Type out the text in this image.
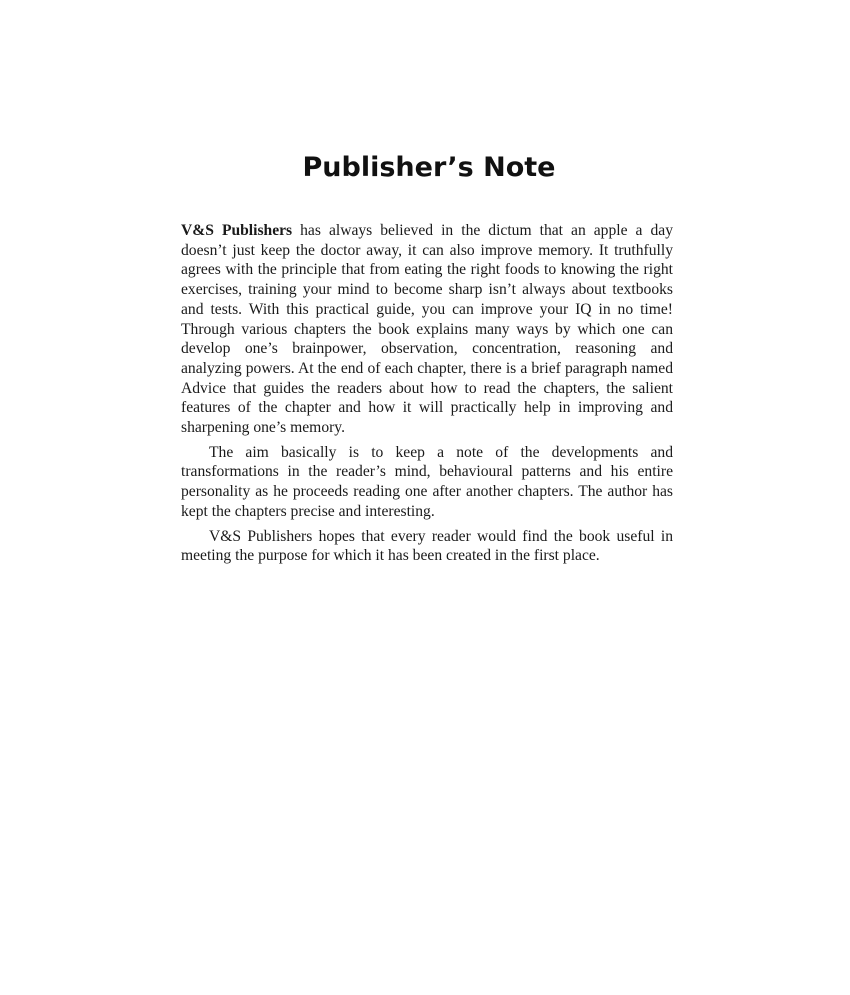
Publisher’s Note

V&S Publishers has always believed in the dictum that an apple a day doesn’t just keep the doctor away, it can also improve memory. It truthfully agrees with the principle that from eating the right foods to knowing the right exercises, training your mind to become sharp isn’t always about textbooks and tests. With this practical guide, you can improve your IQ in no time! Through various chapters the book explains many ways by which one can develop one’s brainpower, observation, concentration, reasoning and analyzing powers. At the end of each chapter, there is a brief paragraph named Advice that guides the readers about how to read the chapters, the salient features of the chapter and how it will practically help in improving and sharpening one’s memory.

The aim basically is to keep a note of the developments and transformations in the reader’s mind, behavioural patterns and his entire personality as he proceeds reading one after another chapters. The author has kept the chapters precise and interesting.

V&S Publishers hopes that every reader would find the book useful in meeting the purpose for which it has been created in the first place.
